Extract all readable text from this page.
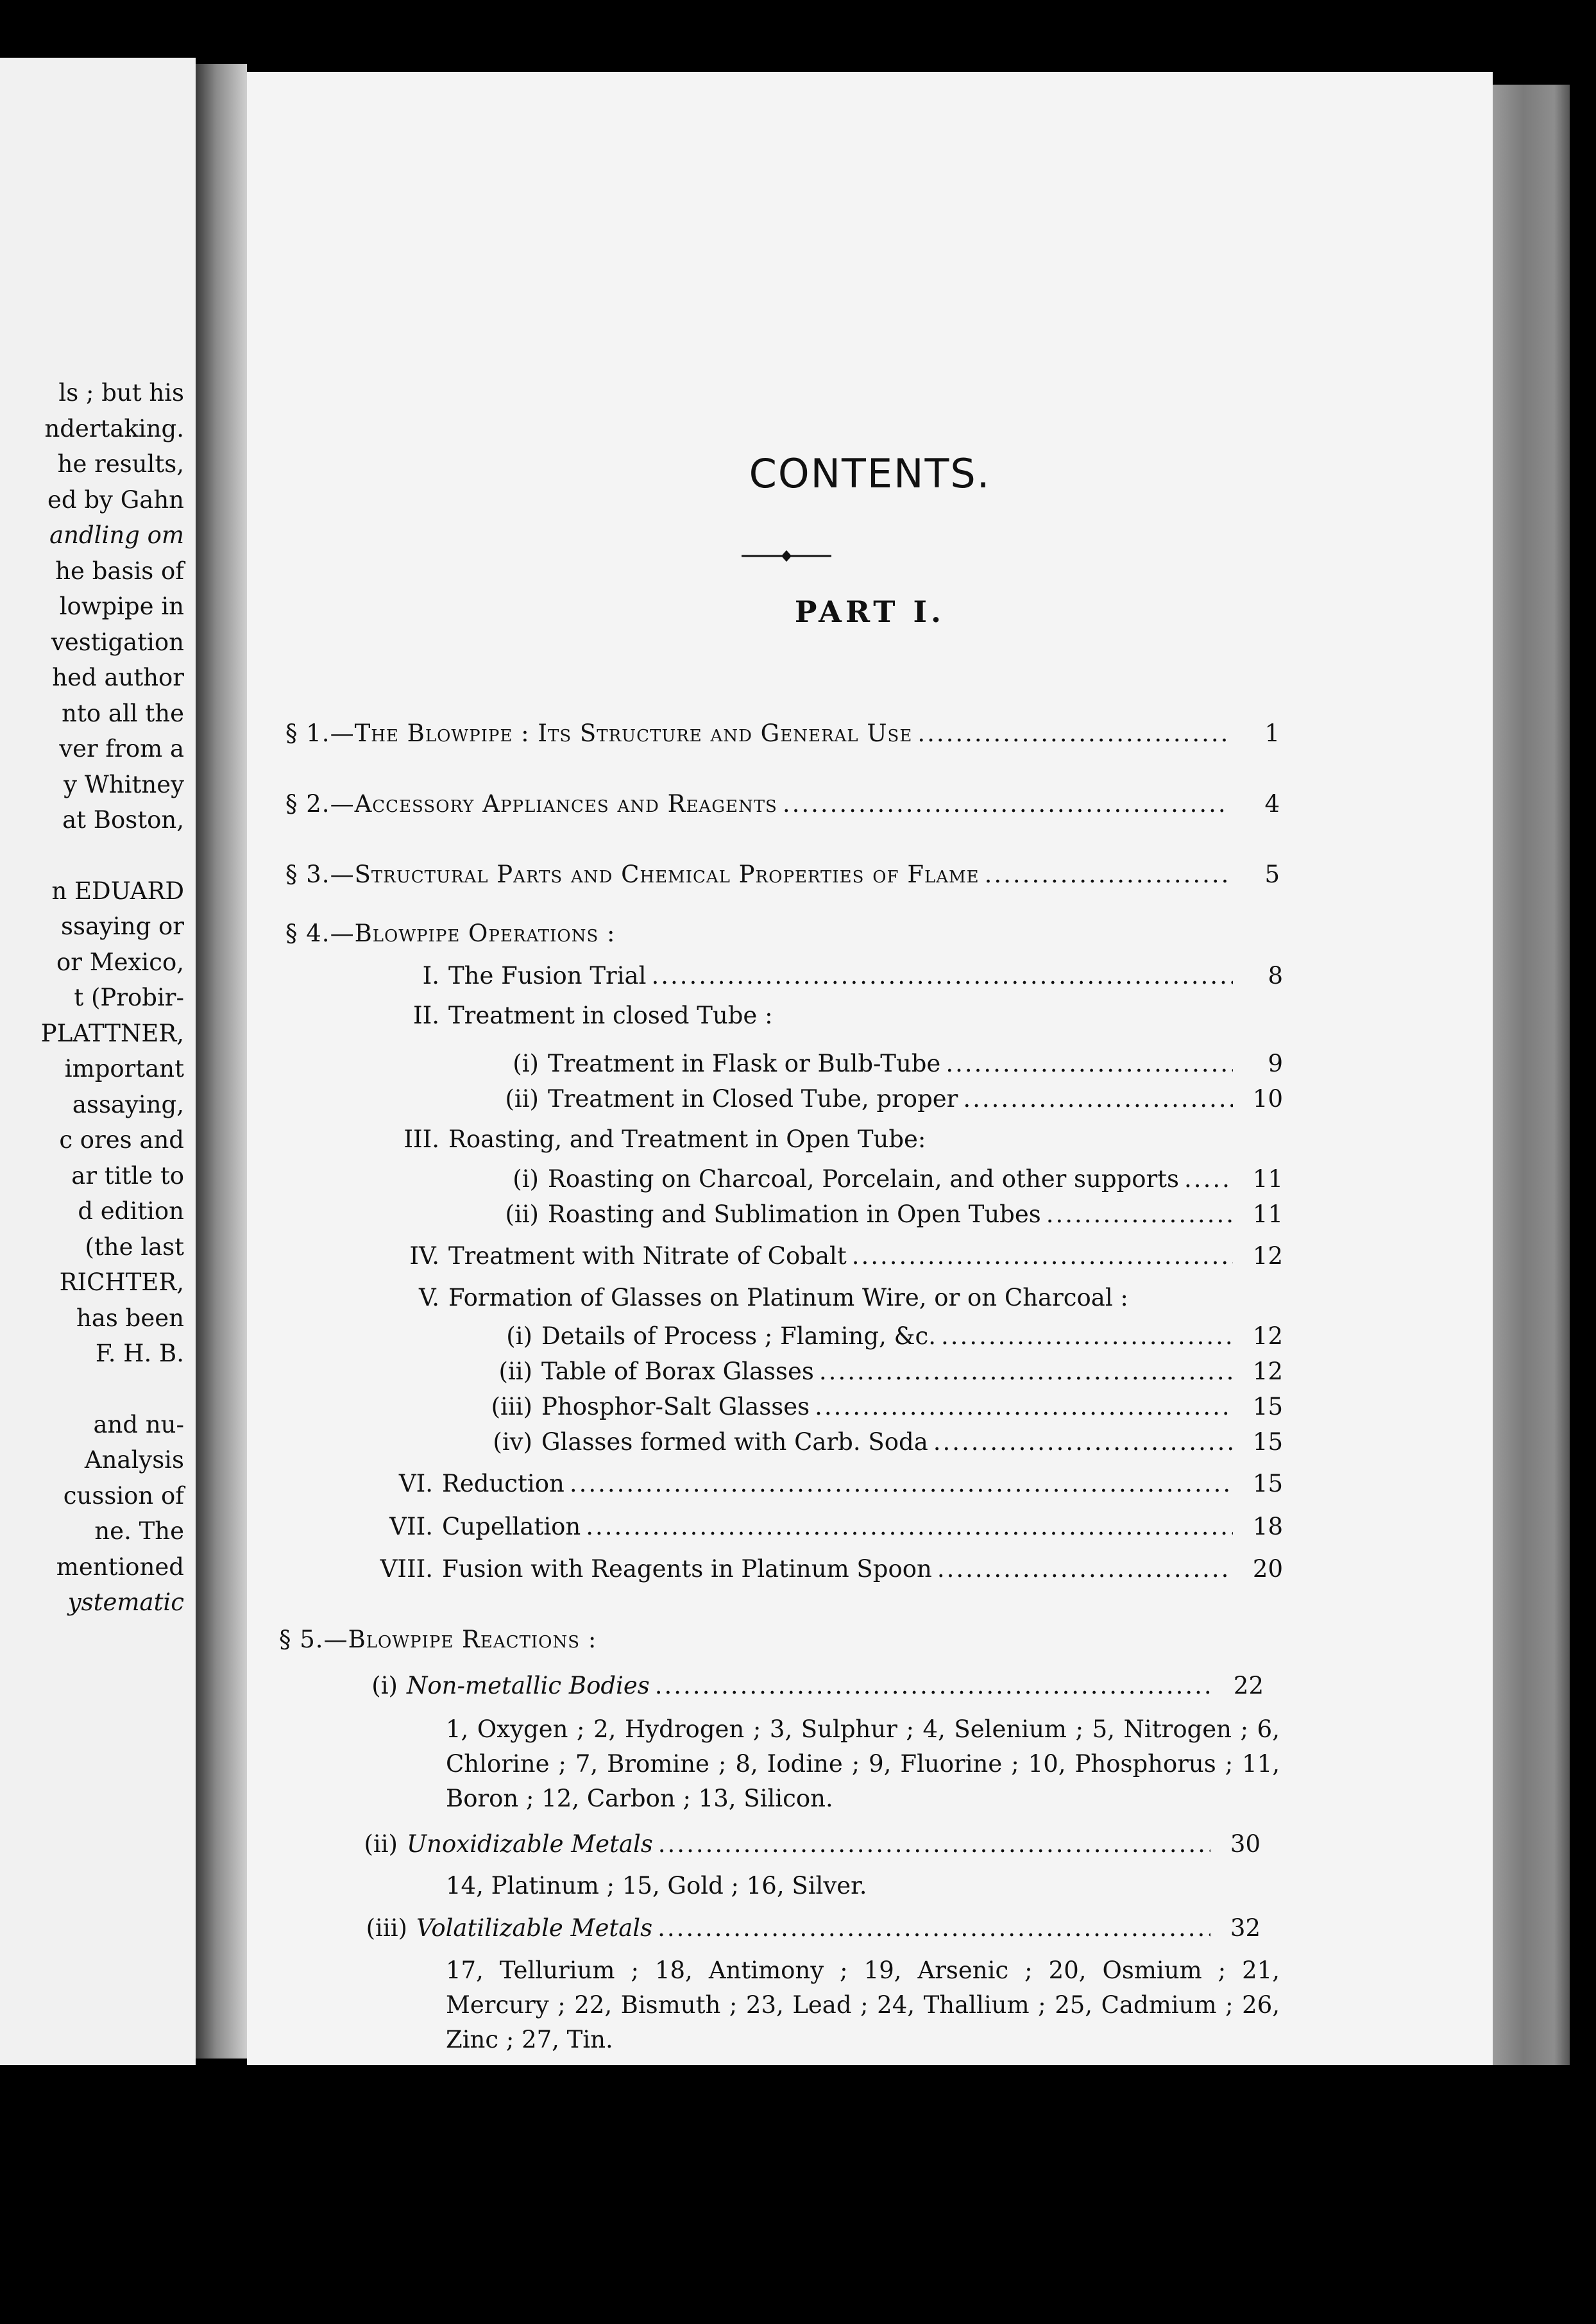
ls ; but his
ndertaking.
he results,
ed by Gahn
andling om
he basis of
lowpipe in
vestigation
hed author
nto all the
ver from a
y Whitney
at Boston,
n EDUARD
ssaying or
or Mexico,
t (Probir-
PLATTNER,
important
assaying,
c ores and
ar title to
d edition
(the last
RICHTER,
has been
F. H. B.
and nu-
Analysis
cussion of
ne. The
mentioned
ystematic
CONTENTS.
PART I.
§ 1.—The Blowpipe : Its Structure and General Use .....	1
§ 2.—Accessory Appliances and Reagents .....	4
§ 3.—Structural Parts and Chemical Properties of Flame .....	5
§ 4.—Blowpipe Operations :
I. The Fusion Trial .....	8
II. Treatment in closed Tube :
(i) Treatment in Flask or Bulb-Tube .....	9
(ii) Treatment in Closed Tube, proper .....	10
III. Roasting, and Treatment in Open Tube:
(i) Roasting on Charcoal, Porcelain, and other supports .....	11
(ii) Roasting and Sublimation in Open Tubes .....	11
IV. Treatment with Nitrate of Cobalt .....	12
V. Formation of Glasses on Platinum Wire, or on Charcoal :
(i) Details of Process ; Flaming, &c. .....	12
(ii) Table of Borax Glasses .....	12
(iii) Phosphor-Salt Glasses .....	15
(iv) Glasses formed with Carb. Soda .....	15
VI. Reduction .....	15
VII. Cupellation .....	18
VIII. Fusion with Reagents in Platinum Spoon .....	20
§ 5.—Blowpipe Reactions :
(i) Non-metallic Bodies .....	22
1, Oxygen ; 2, Hydrogen ; 3, Sulphur ; 4, Selenium ; 5, Nitrogen ; 6, Chlorine ; 7, Bromine ; 8, Iodine ; 9, Fluorine ; 10, Phosphorus ; 11, Boron ; 12, Carbon ; 13, Silicon.
(ii) Unoxidizable Metals .....	30
14, Platinum ; 15, Gold ; 16, Silver.
(iii) Volatilizable Metals .....	32
17, Tellurium ; 18, Antimony ; 19, Arsenic ; 20, Osmium ; 21, Mercury ; 22, Bismuth ; 23, Lead ; 24, Thallium ; 25, Cadmium ; 26, Zinc ; 27, Tin.
